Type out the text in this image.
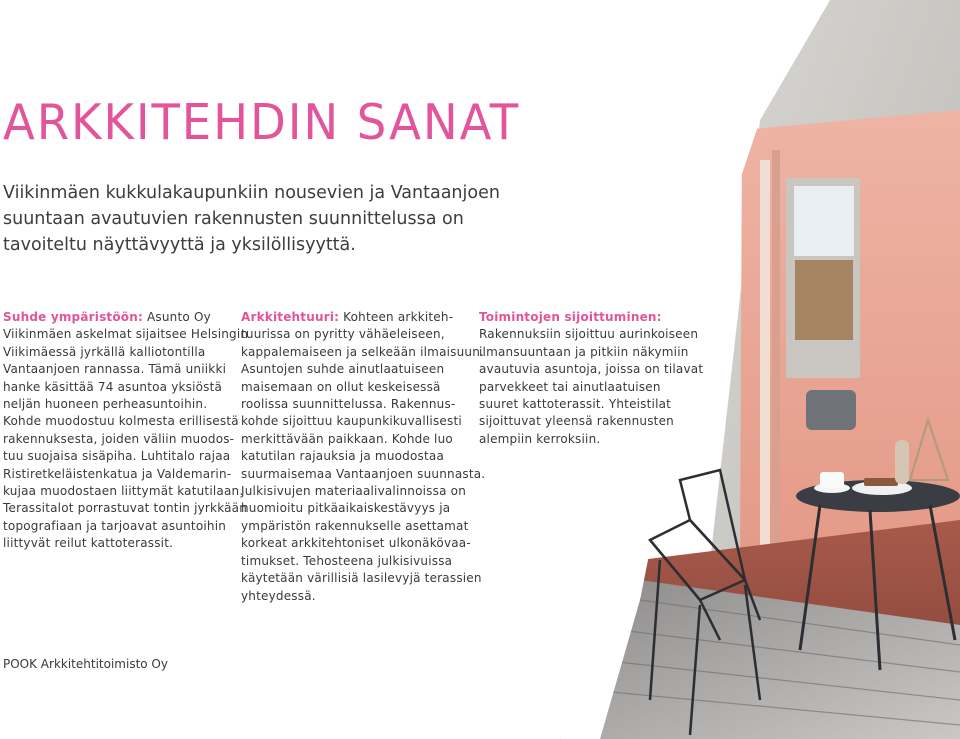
ARKKITEHDIN SANAT
Viikinmäen kukkulakaupunkiin nousevien ja Vantaanjoen
suuntaan avautuvien rakennusten suunnittelussa on
tavoiteltu näyttävyyttä ja yksilöllisyyttä.
Suhde ympäristöön: Asunto Oy
Viikinmäen askelmat sijaitsee Helsingin
Viikimäessä jyrkällä kalliotontilla
Vantaanjoen rannassa. Tämä uniikki
hanke käsittää 74 asuntoa yksiöstä
neljän huoneen perheasuntoihin.
Kohde muodostuu kolmesta erillisestä
rakennuksesta, joiden väliin muodos-
tuu suojaisa sisäpiha. Luhtitalo rajaa
Ristiretkeläistenkatua ja Valdemarin-
kujaa muodostaen liittymät katutilaan.
Terassitalot porrastuvat tontin jyrkkään
topografiaan ja tarjoavat asuntoihin
liittyvät reilut kattoterassit.
Arkkitehtuuri: Kohteen arkkiteh-
tuurissa on pyritty vähäeleiseen,
kappalemaiseen ja selkeään ilmaisuun.
Asuntojen suhde ainutlaatuiseen
maisemaan on ollut keskeisessä
roolissa suunnittelussa. Rakennus-
kohde sijoittuu kaupunkikuvallisesti
merkittävään paikkaan. Kohde luo
katutilan rajauksia ja muodostaa
suurmaisemaa Vantaanjoen suunnasta.
Julkisivujen materiaalivalinnoissa on
huomioitu pitkäaikaiskestävyys ja
ympäristön rakennukselle asettamat
korkeat arkkitehtoniset ulkonäkövaa-
timukset. Tehosteena julkisivuissa
käytetään värillisiä lasilevyjä terassien
yhteydessä.
Toimintojen sijoittuminen:
Rakennuksiin sijoittuu aurinkoiseen
ilmansuuntaan ja pitkiin näkymiin
avautuvia asuntoja, joissa on tilavat
parvekkeet tai ainutlaatuisen
suuret kattoterassit. Yhteistilat
sijoittuvat yleensä rakennusten
alempiin kerroksiin.
POOK Arkkitehtitoimisto Oy
